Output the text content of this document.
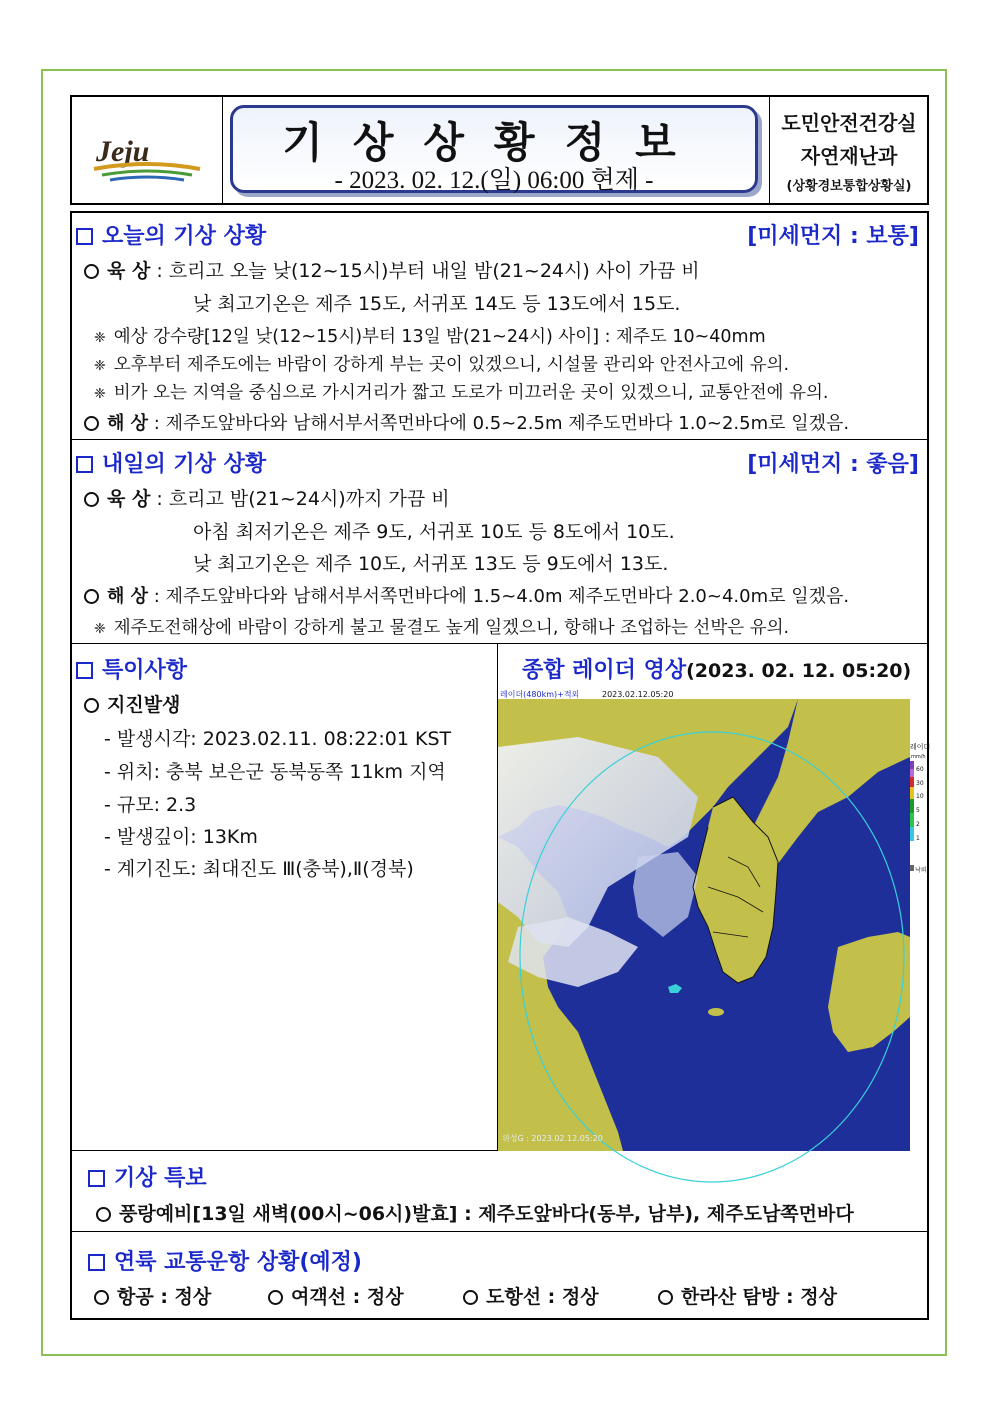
Jeju	기상상황정보
- 2023. 02. 12.(일) 06:00 현제 -
도민안전건강실
자연재난과
(상황경보통합상황실)
오늘의 기상 상황	[미세먼지 : 보통]
육 상 : 흐리고 오늘 낮(12~15시)부터 내일 밤(21~24시) 사이 가끔 비
낮 최고기온은 제주 15도, 서귀포 14도 등 13도에서 15도.
❈ 예상 강수량[12일 낮(12~15시)부터 13일 밤(21~24시) 사이] : 제주도 10~40mm
❈ 오후부터 제주도에는 바람이 강하게 부는 곳이 있겠으니, 시설물 관리와 안전사고에 유의.
❈ 비가 오는 지역을 중심으로 가시거리가 짧고 도로가 미끄러운 곳이 있겠으니, 교통안전에 유의.
해 상 : 제주도앞바다와 남해서부서쪽먼바다에 0.5~2.5m 제주도먼바다 1.0~2.5m로 일겠음.
내일의 기상 상황	[미세먼지 : 좋음]
육 상 : 흐리고 밤(21~24시)까지 가끔 비
아침 최저기온은 제주 9도, 서귀포 10도 등 8도에서 10도.
낮 최고기온은 제주 10도, 서귀포 13도 등 9도에서 13도.
해 상 : 제주도앞바다와 남해서부서쪽먼바다에 1.5~4.0m 제주도먼바다 2.0~4.0m로 일겠음.
❈ 제주도전해상에 바람이 강하게 불고 물결도 높게 일겠으니, 항해나 조업하는 선박은 유의.
특이사항
지진발생
- 발생시각: 2023.02.11. 08:22:01 KST
- 위치: 충북 보은군 동북동쪽 11km 지역
- 규모: 2.3
- 발생깊이: 13Km
- 계기진도: 최대진도 Ⅲ(충북),Ⅱ(경북)
종합 레이더 영상(2023. 02. 12. 05:20)
레이더(480km)+적외	2023.02.12.05:20
위성G : 2023.02.12.05:20
레이더
mm/h
60
30
10
5
2
1
낙뢰
기상 특보
풍랑예비[13일 새벽(00시~06시)발효] : 제주도앞바다(동부, 남부), 제주도남쪽먼바다
연륙 교통운항 상황(예정)
항공 : 정상	여객선 : 정상	도항선 : 정상	한라산 탐방 : 정상
